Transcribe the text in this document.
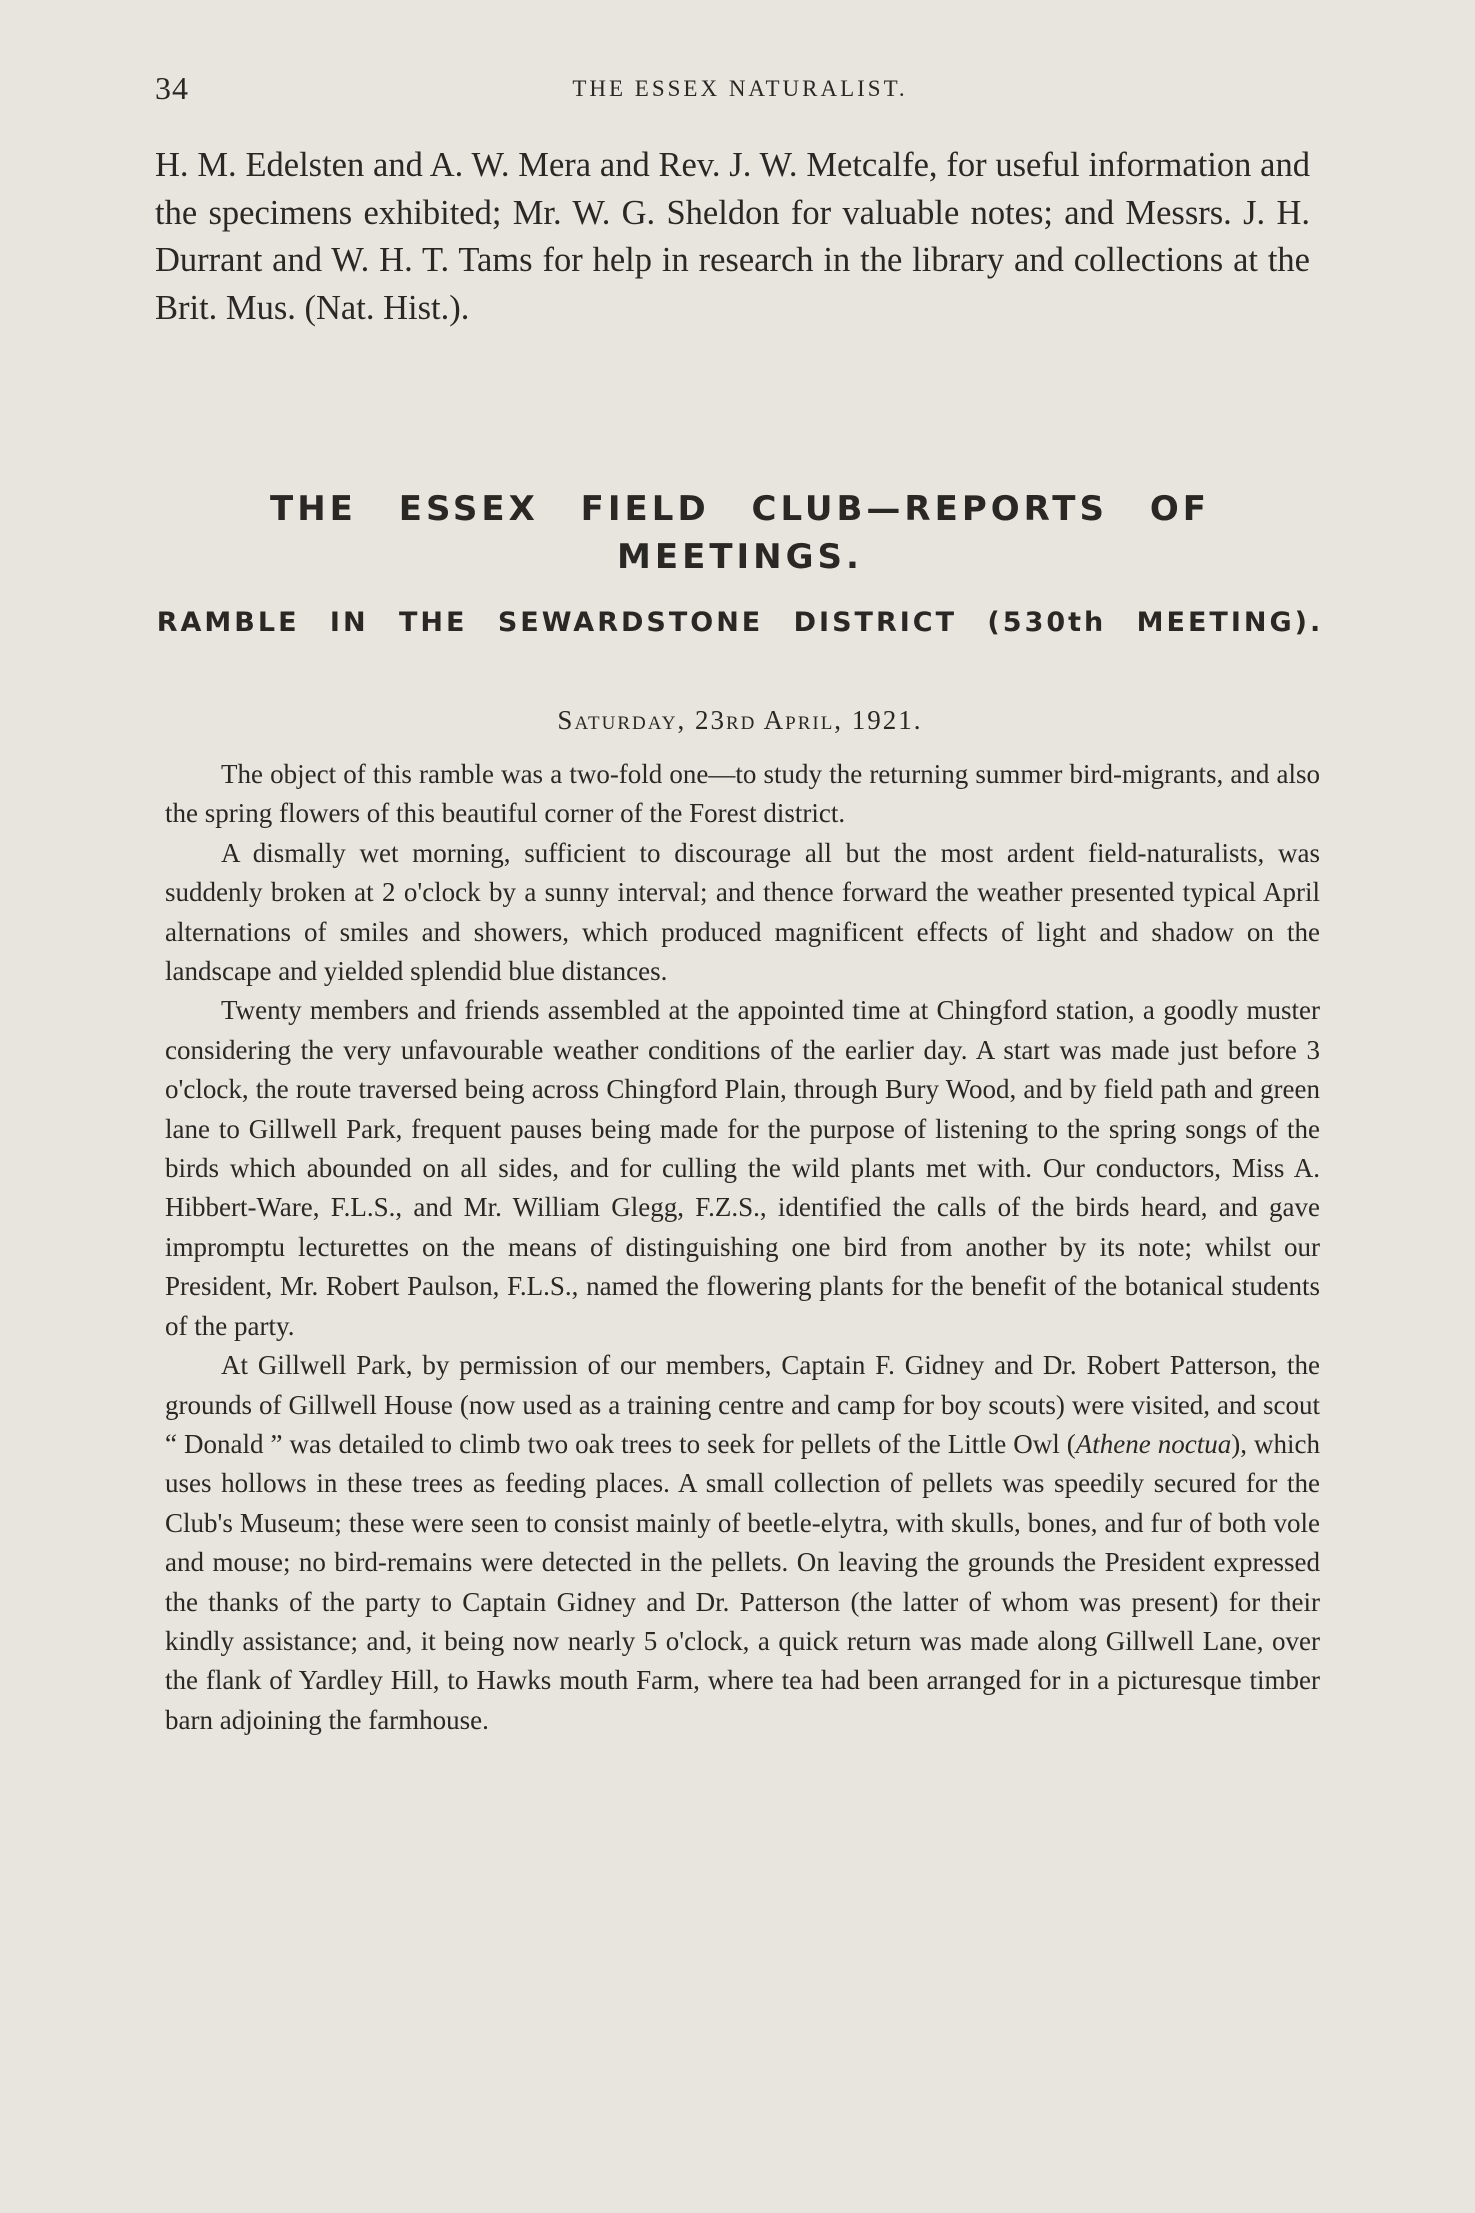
34	THE ESSEX NATURALIST.

H. M. Edelsten and A. W. Mera and Rev. J. W. Metcalfe, for useful information and the specimens exhibited; Mr. W. G. Sheldon for valuable notes; and Messrs. J. H. Durrant and W. H. T. Tams for help in research in the library and collections at the Brit. Mus. (Nat. Hist.).

THE ESSEX FIELD CLUB—REPORTS OF MEETINGS.
RAMBLE IN THE SEWARDSTONE DISTRICT (530th MEETING).

Saturday, 23rd April, 1921.

The object of this ramble was a two-fold one—to study the returning summer bird-migrants, and also the spring flowers of this beautiful corner of the Forest district.

A dismally wet morning, sufficient to discourage all but the most ardent field-naturalists, was suddenly broken at 2 o'clock by a sunny interval; and thence forward the weather presented typical April alternations of smiles and showers, which produced magnificent effects of light and shadow on the landscape and yielded splendid blue distances.

Twenty members and friends assembled at the appointed time at Chingford station, a goodly muster considering the very unfavourable weather conditions of the earlier day. A start was made just before 3 o'clock, the route traversed being across Chingford Plain, through Bury Wood, and by field path and green lane to Gillwell Park, frequent pauses being made for the purpose of listening to the spring songs of the birds which abounded on all sides, and for culling the wild plants met with. Our conductors, Miss A. Hibbert-Ware, F.L.S., and Mr. William Glegg, F.Z.S., identified the calls of the birds heard, and gave impromptu lecturettes on the means of distinguishing one bird from another by its note; whilst our President, Mr. Robert Paulson, F.L.S., named the flowering plants for the benefit of the botanical students of the party.

At Gillwell Park, by permission of our members, Captain F. Gidney and Dr. Robert Patterson, the grounds of Gillwell House (now used as a training centre and camp for boy scouts) were visited, and scout “ Donald ” was detailed to climb two oak trees to seek for pellets of the Little Owl (Athene noctua), which uses hollows in these trees as feeding places. A small collection of pellets was speedily secured for the Club's Museum; these were seen to consist mainly of beetle-elytra, with skulls, bones, and fur of both vole and mouse; no bird-remains were detected in the pellets. On leaving the grounds the President expressed the thanks of the party to Captain Gidney and Dr. Patterson (the latter of whom was present) for their kindly assistance; and, it being now nearly 5 o'clock, a quick return was made along Gillwell Lane, over the flank of Yardley Hill, to Hawks mouth Farm, where tea had been arranged for in a picturesque timber barn adjoining the farmhouse.
